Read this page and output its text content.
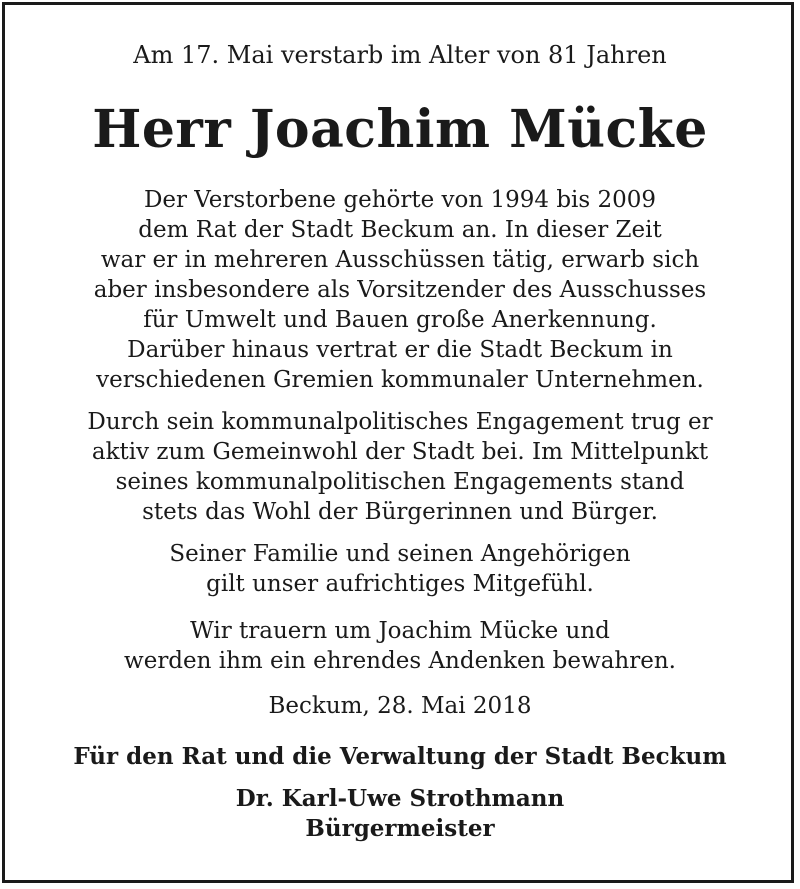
Am 17. Mai verstarb im Alter von 81 Jahren
Herr Joachim Mücke
Der Verstorbene gehörte von 1994 bis 2009
dem Rat der Stadt Beckum an. In dieser Zeit
war er in mehreren Ausschüssen tätig, erwarb sich
aber insbesondere als Vorsitzender des Ausschusses
für Umwelt und Bauen große Anerkennung.
Darüber hinaus vertrat er die Stadt Beckum in
verschiedenen Gremien kommunaler Unternehmen.
Durch sein kommunalpolitisches Engagement trug er
aktiv zum Gemeinwohl der Stadt bei. Im Mittelpunkt
seines kommunalpolitischen Engagements stand
stets das Wohl der Bürgerinnen und Bürger.
Seiner Familie und seinen Angehörigen
gilt unser aufrichtiges Mitgefühl.
Wir trauern um Joachim Mücke und
werden ihm ein ehrendes Andenken bewahren.
Beckum, 28. Mai 2018
Für den Rat und die Verwaltung der Stadt Beckum
Dr. Karl-Uwe Strothmann
Bürgermeister
